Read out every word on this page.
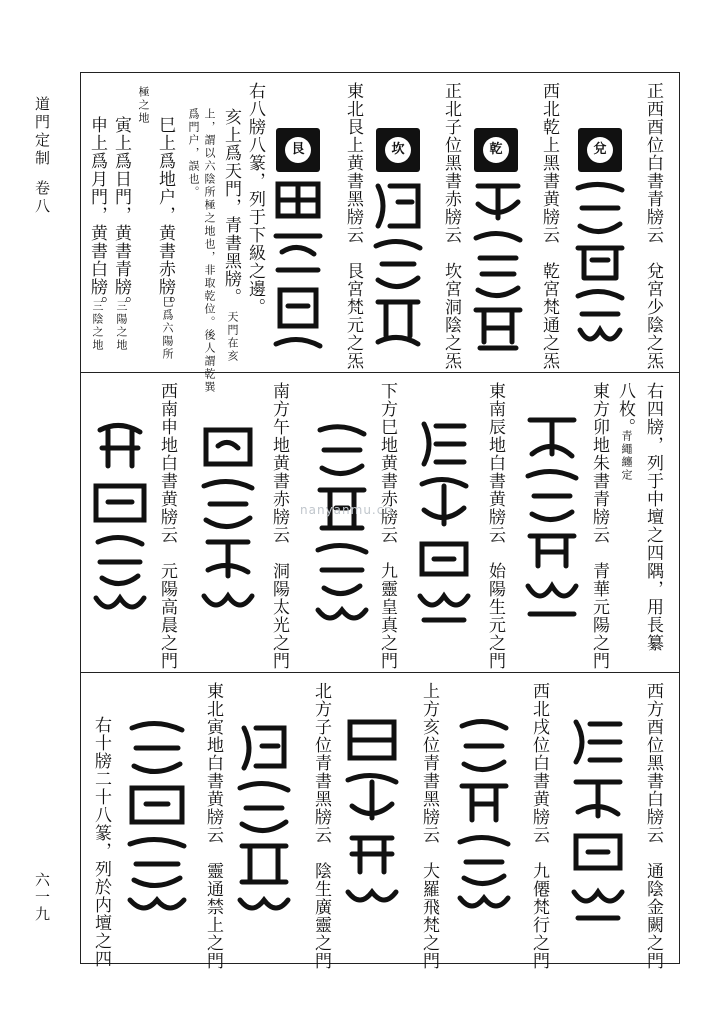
道門定制
卷八
六一九
正西酉位白書青牓云　兌宮少陰之炁
兌
西北乾上黑書黄牓云　乾宮梵通之炁
乾
正北子位黑書赤牓云　坎宮洞陰之炁
坎
東北艮上黄書黑牓云　艮宮梵元之炁
艮
右八牓八篆，列于下級之邊。
亥上爲天門，青書黑牓。
天門在亥
上，謂以六陰所極之地也，非取乾位。後人謂乾巽
爲門户，誤也。
巳上爲地户，黄書赤牓。
巳爲六陽所
極之地
寅上爲日門，黄書青牓。
三陽之地
申上爲月門，黄書白牓。
三陰之地
右四牓，列于中壇之四隅，用長纂
八枚。
青繩纏定
東方卯地朱書青牓云　青華元陽之門
東南辰地白書黄牓云　始陽生元之門
下方巳地黄書赤牓云　九靈皇真之門
南方午地黄書赤牓云　洞陽太光之門
西南申地白書黄牓云　元陽高晨之門
西方酉位黑書白牓云　通陰金闕之門
西北戌位白書黄牓云　九僊梵行之門
上方亥位青書黑牓云　大羅飛梵之門
北方子位青書黑牓云　陰生廣靈之門
東北寅地白書黄牓云　靈通禁上之門
右十牓二十八篆，列於内壇之四
nanyanmu.cn
